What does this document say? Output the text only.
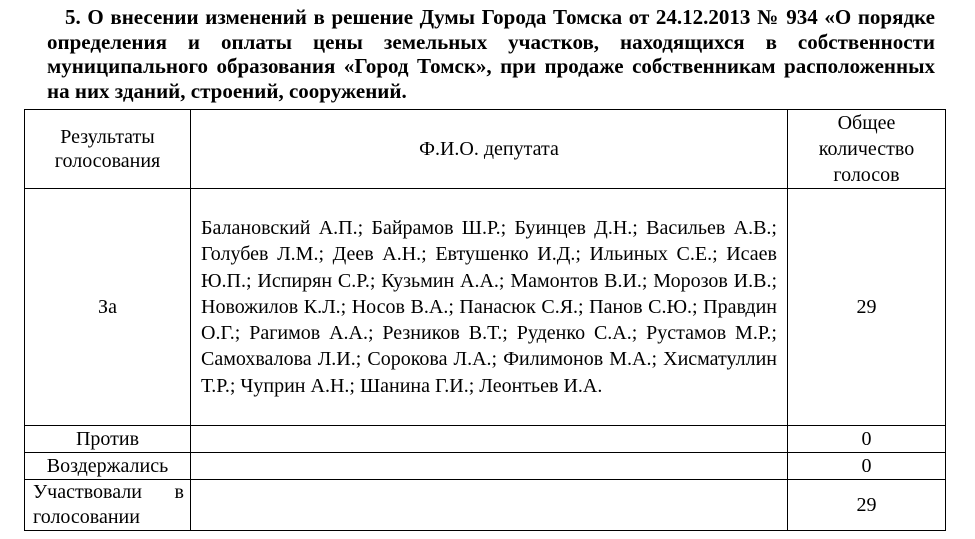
5. О внесении изменений в решение Думы Города Томска от 24.12.2013 № 934 «О порядке определения и оплаты цены земельных участков, находящихся в собственности муниципального образования «Город Томск», при продаже собственникам расположенных на них зданий, строений, сооружений.
Результаты голосования	Ф.И.О. депутата	Общее количество голосов
За	Балановский А.П.; Байрамов Ш.Р.; Буинцев Д.Н.; Васильев А.В.; Голубев Л.М.; Деев А.Н.; Евтушенко И.Д.; Ильиных С.Е.; Исаев Ю.П.; Испирян С.Р.; Кузьмин А.А.; Мамонтов В.И.; Морозов И.В.; Новожилов К.Л.; Носов В.А.; Панасюк С.Я.; Панов С.Ю.; Правдин О.Г.; Рагимов А.А.; Резников В.Т.; Руденко С.А.; Рустамов М.Р.; Самохвалова Л.И.; Сорокова Л.А.; Филимонов М.А.; Хисматуллин Т.Р.; Чуприн А.Н.; Шанина Г.И.; Леонтьев И.А.	29
Против		0
Воздержались		0
Участвовали в голосовании		29
